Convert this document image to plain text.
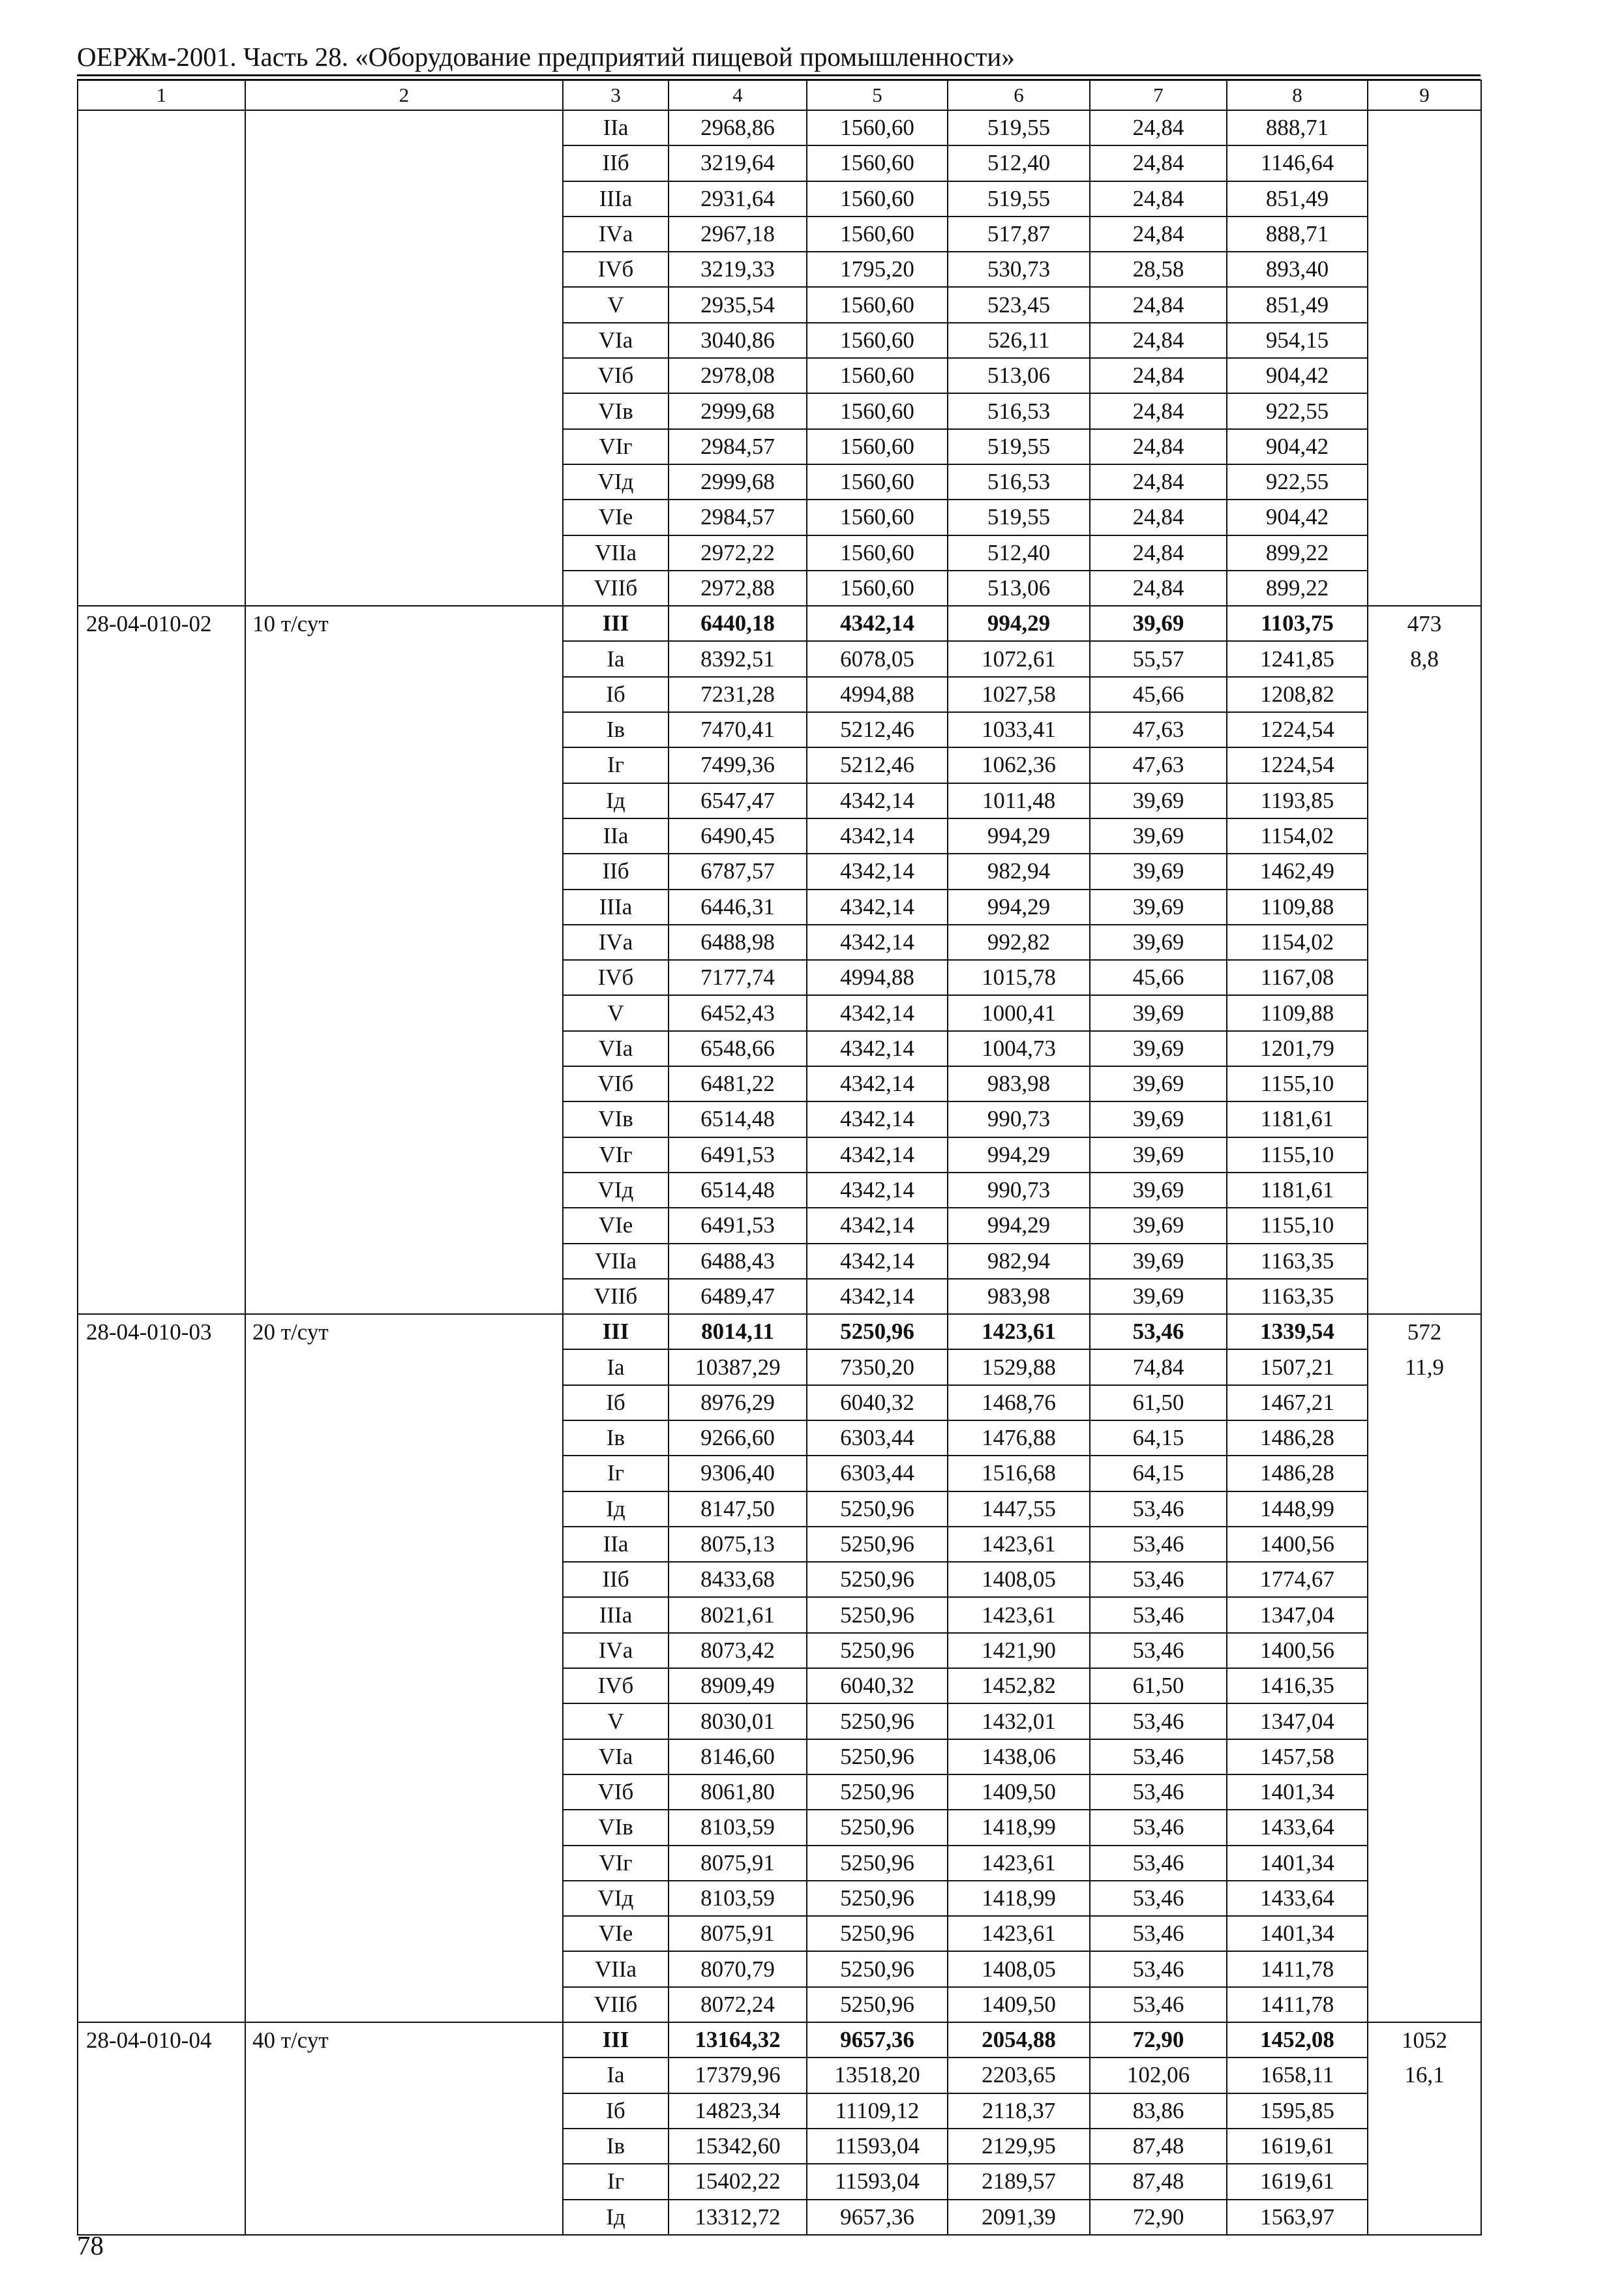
ОЕРЖм-2001. Часть 28. «Оборудование предприятий пищевой промышленности»
1	2	3	4	5	6	7	8	9
		IIа	2968,86	1560,60	519,55	24,84	888,71	
		IIб	3219,64	1560,60	512,40	24,84	1146,64	
		IIIа	2931,64	1560,60	519,55	24,84	851,49	
		IVа	2967,18	1560,60	517,87	24,84	888,71	
		IVб	3219,33	1795,20	530,73	28,58	893,40	
		V	2935,54	1560,60	523,45	24,84	851,49	
		VIа	3040,86	1560,60	526,11	24,84	954,15	
		VIб	2978,08	1560,60	513,06	24,84	904,42	
		VIв	2999,68	1560,60	516,53	24,84	922,55	
		VIг	2984,57	1560,60	519,55	24,84	904,42	
		VIд	2999,68	1560,60	516,53	24,84	922,55	
		VIе	2984,57	1560,60	519,55	24,84	904,42	
		VIIа	2972,22	1560,60	512,40	24,84	899,22	
		VIIб	2972,88	1560,60	513,06	24,84	899,22	
28-04-010-02	10 т/сут	III	6440,18	4342,14	994,29	39,69	1103,75	473
		Iа	8392,51	6078,05	1072,61	55,57	1241,85	8,8
		Iб	7231,28	4994,88	1027,58	45,66	1208,82	
		Iв	7470,41	5212,46	1033,41	47,63	1224,54	
		Iг	7499,36	5212,46	1062,36	47,63	1224,54	
		Iд	6547,47	4342,14	1011,48	39,69	1193,85	
		IIа	6490,45	4342,14	994,29	39,69	1154,02	
		IIб	6787,57	4342,14	982,94	39,69	1462,49	
		IIIа	6446,31	4342,14	994,29	39,69	1109,88	
		IVа	6488,98	4342,14	992,82	39,69	1154,02	
		IVб	7177,74	4994,88	1015,78	45,66	1167,08	
		V	6452,43	4342,14	1000,41	39,69	1109,88	
		VIа	6548,66	4342,14	1004,73	39,69	1201,79	
		VIб	6481,22	4342,14	983,98	39,69	1155,10	
		VIв	6514,48	4342,14	990,73	39,69	1181,61	
		VIг	6491,53	4342,14	994,29	39,69	1155,10	
		VIд	6514,48	4342,14	990,73	39,69	1181,61	
		VIе	6491,53	4342,14	994,29	39,69	1155,10	
		VIIа	6488,43	4342,14	982,94	39,69	1163,35	
		VIIб	6489,47	4342,14	983,98	39,69	1163,35	
28-04-010-03	20 т/сут	III	8014,11	5250,96	1423,61	53,46	1339,54	572
		Iа	10387,29	7350,20	1529,88	74,84	1507,21	11,9
		Iб	8976,29	6040,32	1468,76	61,50	1467,21	
		Iв	9266,60	6303,44	1476,88	64,15	1486,28	
		Iг	9306,40	6303,44	1516,68	64,15	1486,28	
		Iд	8147,50	5250,96	1447,55	53,46	1448,99	
		IIа	8075,13	5250,96	1423,61	53,46	1400,56	
		IIб	8433,68	5250,96	1408,05	53,46	1774,67	
		IIIа	8021,61	5250,96	1423,61	53,46	1347,04	
		IVа	8073,42	5250,96	1421,90	53,46	1400,56	
		IVб	8909,49	6040,32	1452,82	61,50	1416,35	
		V	8030,01	5250,96	1432,01	53,46	1347,04	
		VIа	8146,60	5250,96	1438,06	53,46	1457,58	
		VIб	8061,80	5250,96	1409,50	53,46	1401,34	
		VIв	8103,59	5250,96	1418,99	53,46	1433,64	
		VIг	8075,91	5250,96	1423,61	53,46	1401,34	
		VIд	8103,59	5250,96	1418,99	53,46	1433,64	
		VIе	8075,91	5250,96	1423,61	53,46	1401,34	
		VIIа	8070,79	5250,96	1408,05	53,46	1411,78	
		VIIб	8072,24	5250,96	1409,50	53,46	1411,78	
28-04-010-04	40 т/сут	III	13164,32	9657,36	2054,88	72,90	1452,08	1052
		Iа	17379,96	13518,20	2203,65	102,06	1658,11	16,1
		Iб	14823,34	11109,12	2118,37	83,86	1595,85	
		Iв	15342,60	11593,04	2129,95	87,48	1619,61	
		Iг	15402,22	11593,04	2189,57	87,48	1619,61	
		Iд	13312,72	9657,36	2091,39	72,90	1563,97	
78
